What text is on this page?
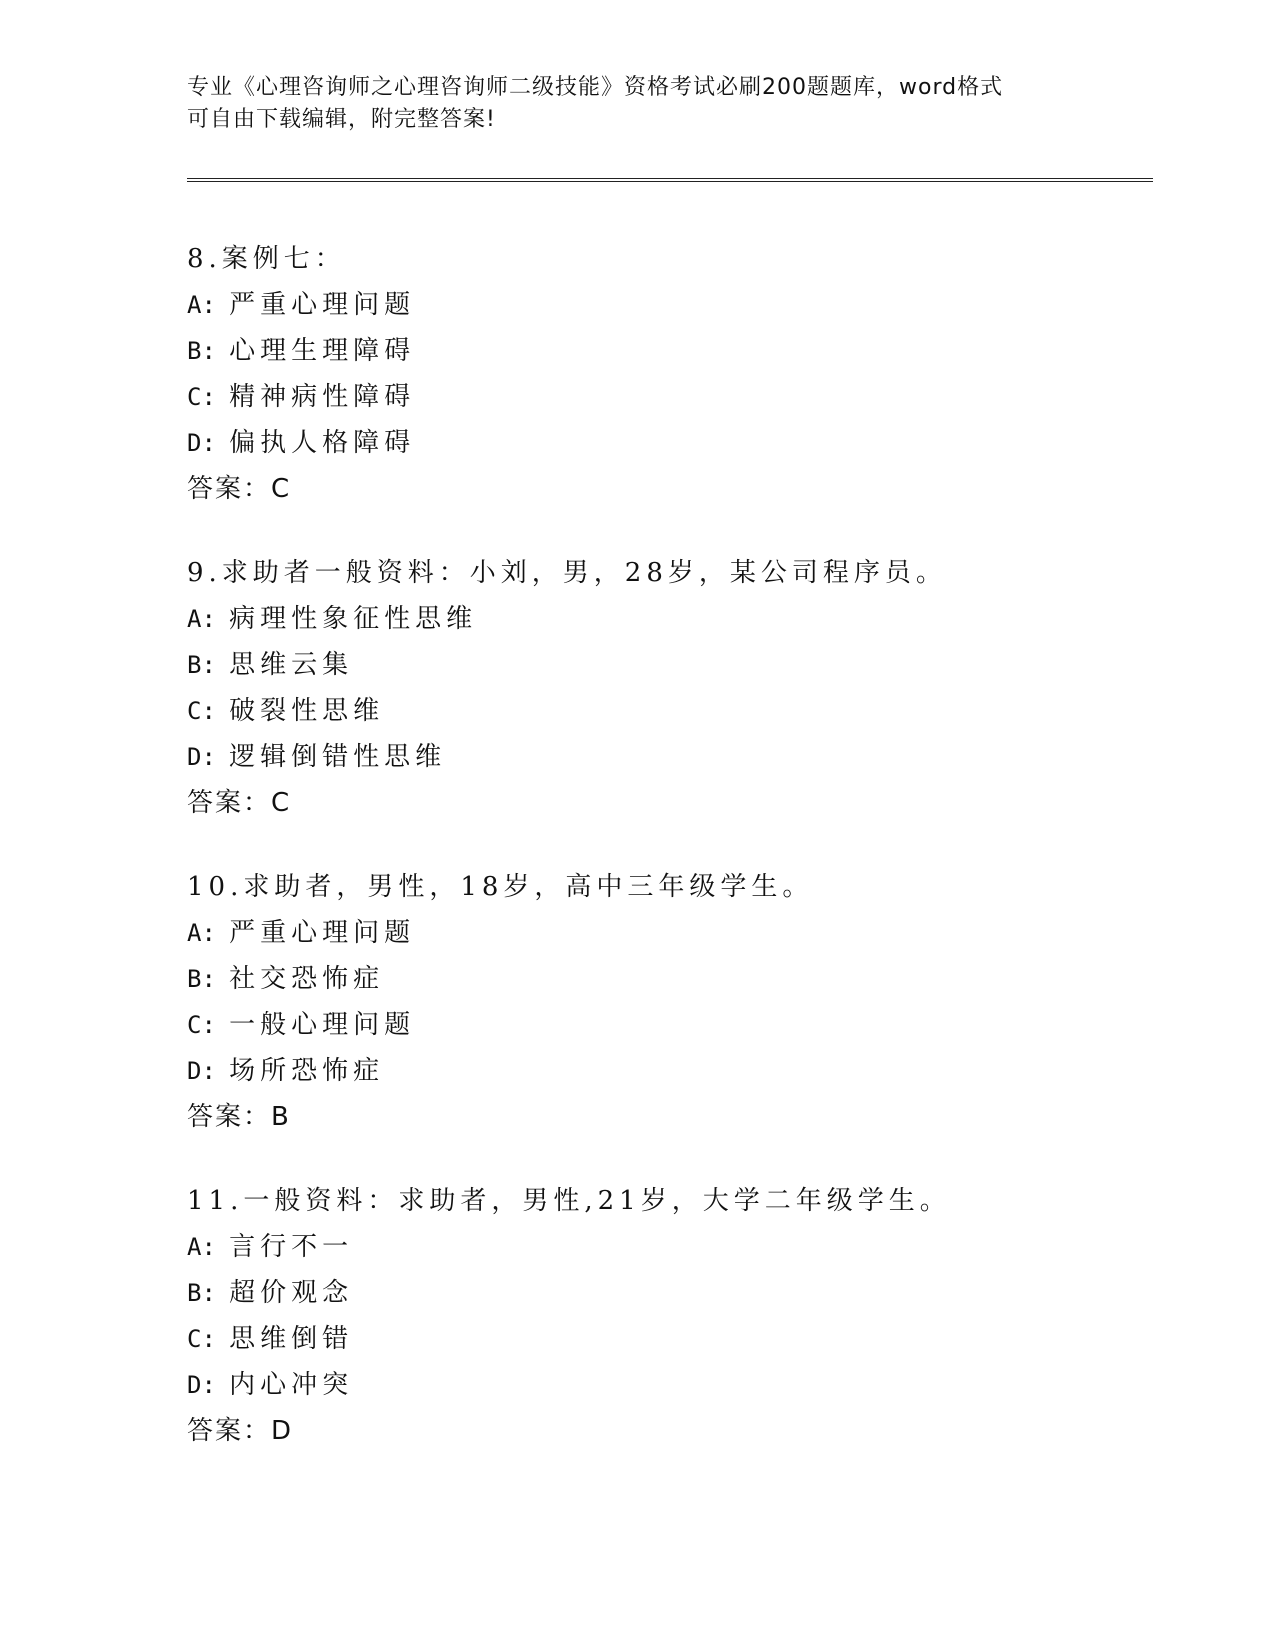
专业《心理咨询师之心理咨询师二级技能》资格考试必刷200题题库，word格式
可自由下载编辑，附完整答案!
8.案例七：
A: 严重心理问题
B: 心理生理障碍
C: 精神病性障碍
D: 偏执人格障碍
答案：C
9.求助者一般资料：小刘，男，28岁，某公司程序员。
A: 病理性象征性思维
B: 思维云集
C: 破裂性思维
D: 逻辑倒错性思维
答案：C
10.求助者，男性，18岁，高中三年级学生。
A: 严重心理问题
B: 社交恐怖症
C: 一般心理问题
D: 场所恐怖症
答案：B
11.一般资料：求助者，男性,21岁，大学二年级学生。
A: 言行不一
B: 超价观念
C: 思维倒错
D: 内心冲突
答案：D
